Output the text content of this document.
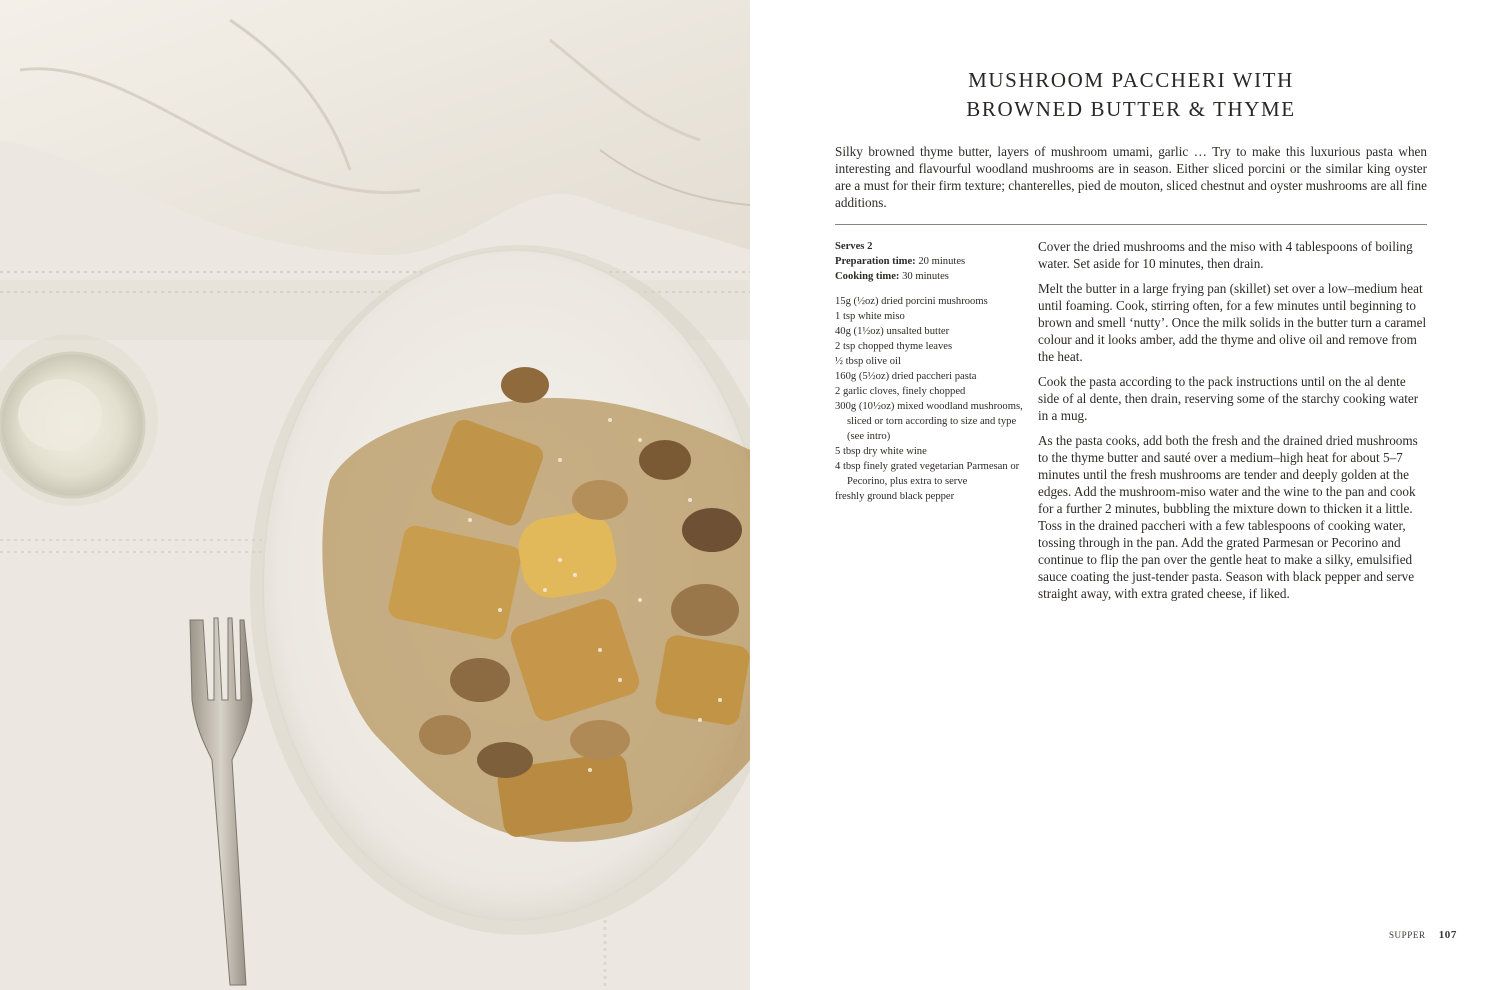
MUSHROOM PACCHERI WITH
BROWNED BUTTER & THYME

Silky browned thyme butter, layers of mushroom umami, garlic … Try to make this luxurious pasta when interesting and flavourful woodland mushrooms are in season. Either sliced porcini or the similar king oyster are a must for their firm texture; chanterelles, pied de mouton, sliced chestnut and oyster mushrooms are all fine additions.

Serves 2
Preparation time: 20 minutes
Cooking time: 30 minutes
15g (½oz) dried porcini mushrooms
1 tsp white miso
40g (1½oz) unsalted butter
2 tsp chopped thyme leaves
½ tbsp olive oil
160g (5½oz) dried paccheri pasta
2 garlic cloves, finely chopped
300g (10½oz) mixed woodland mushrooms, sliced or torn according to size and type (see intro)
5 tbsp dry white wine
4 tbsp finely grated vegetarian Parmesan or Pecorino, plus extra to serve
freshly ground black pepper

Cover the dried mushrooms and the miso with 4 tablespoons of boiling water. Set aside for 10 minutes, then drain.

Melt the butter in a large frying pan (skillet) set over a low–medium heat until foaming. Cook, stirring often, for a few minutes until beginning to brown and smell ‘nutty’. Once the milk solids in the butter turn a caramel colour and it looks amber, add the thyme and olive oil and remove from the heat.

Cook the pasta according to the pack instructions until on the al dente side of al dente, then drain, reserving some of the starchy cooking water in a mug.

As the pasta cooks, add both the fresh and the drained dried mushrooms to the thyme butter and sauté over a medium–high heat for about 5–7 minutes until the fresh mushrooms are tender and deeply golden at the edges. Add the mushroom-miso water and the wine to the pan and cook for a further 2 minutes, bubbling the mixture down to thicken it a little. Toss in the drained paccheri with a few tablespoons of cooking water, tossing through in the pan. Add the grated Parmesan or Pecorino and continue to flip the pan over the gentle heat to make a silky, emulsified sauce coating the just-tender pasta. Season with black pepper and serve straight away, with extra grated cheese, if liked.

SUPPER 107
